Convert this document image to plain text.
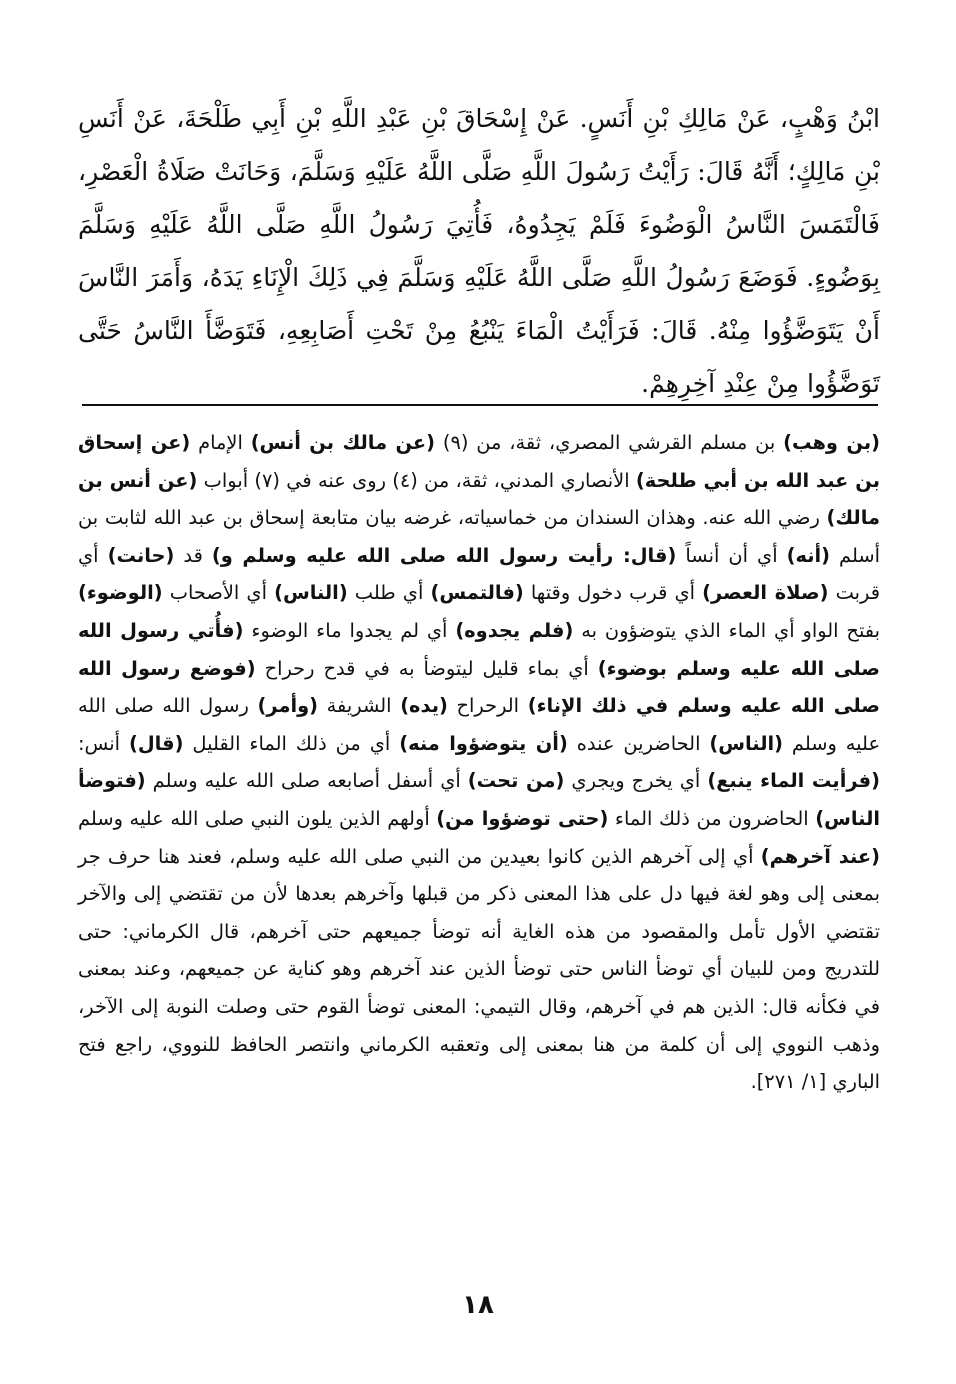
ابْنُ وَهْبٍ، عَنْ مَالِكِ بْنِ أَنَسٍ. عَنْ إِسْحَاقَ بْنِ عَبْدِ اللَّهِ بْنِ أَبِي طَلْحَةَ، عَنْ أَنَسِ بْنِ مَالِكٍ؛ أَنَّهُ قَالَ: رَأَيْتُ رَسُولَ اللَّهِ صَلَّى اللَّهُ عَلَيْهِ وَسَلَّمَ، وَحَانَتْ صَلَاةُ الْعَصْرِ، فَالْتَمَسَ النَّاسُ الْوَضُوءَ فَلَمْ يَجِدُوهُ، فَأُتِيَ رَسُولُ اللَّهِ صَلَّى اللَّهُ عَلَيْهِ وَسَلَّمَ بِوَضُوءٍ. فَوَضَعَ رَسُولُ اللَّهِ صَلَّى اللَّهُ عَلَيْهِ وَسَلَّمَ فِي ذَلِكَ الْإِنَاءِ يَدَهُ، وَأَمَرَ النَّاسَ أَنْ يَتَوَضَّؤُوا مِنْهُ. قَالَ: فَرَأَيْتُ الْمَاءَ يَنْبُعُ مِنْ تَحْتِ أَصَابِعِهِ، فَتَوَضَّأَ النَّاسُ حَتَّى تَوَضَّؤُوا مِنْ عِنْدِ آخِرِهِمْ.

(بن وهب) بن مسلم القرشي المصري، ثقة، من (٩) (عن مالك بن أنس) الإمام (عن إسحاق بن عبد الله بن أبي طلحة) الأنصاري المدني، ثقة، من (٤) روى عنه في (٧) أبواب (عن أنس بن مالك) رضي الله عنه. وهذان السندان من خماسياته، غرضه بيان متابعة إسحاق بن عبد الله لثابت بن أسلم (أنه) أي أن أنساً (قال: رأيت رسول الله صلى الله عليه وسلم و) قد (حانت) أي قربت (صلاة العصر) أي قرب دخول وقتها (فالتمس) أي طلب (الناس) أي الأصحاب (الوضوء) بفتح الواو أي الماء الذي يتوضؤون به (فلم يجدوه) أي لم يجدوا ماء الوضوء (فأُتي رسول الله صلى الله عليه وسلم بوضوء) أي بماء قليل ليتوضأ به في قدح رحراح (فوضع رسول الله صلى الله عليه وسلم في ذلك الإناء) الرحراح (يده) الشريفة (وأمر) رسول الله صلى الله عليه وسلم (الناس) الحاضرين عنده (أن يتوضؤوا منه) أي من ذلك الماء القليل (قال) أنس: (فرأيت الماء ينبع) أي يخرج ويجري (من تحت) أي أسفل أصابعه صلى الله عليه وسلم (فتوضأ الناس) الحاضرون من ذلك الماء (حتى توضؤوا من) أولهم الذين يلون النبي صلى الله عليه وسلم (عند آخرهم) أي إلى آخرهم الذين كانوا بعيدين من النبي صلى الله عليه وسلم، فعند هنا حرف جر بمعنى إلى وهو لغة فيها دل على هذا المعنى ذكر من قبلها وآخرهم بعدها لأن من تقتضي إلى والآخر تقتضي الأول تأمل والمقصود من هذه الغاية أنه توضأ جميعهم حتى آخرهم، قال الكرماني: حتى للتدريج ومن للبيان أي توضأ الناس حتى توضأ الذين عند آخرهم وهو كناية عن جميعهم، وعند بمعنى في فكأنه قال: الذين هم في آخرهم، وقال التيمي: المعنى توضأ القوم حتى وصلت النوبة إلى الآخر، وذهب النووي إلى أن كلمة من هنا بمعنى إلى وتعقبه الكرماني وانتصر الحافظ للنووي، راجع فتح الباري [١/ ٢٧١].

١٨
